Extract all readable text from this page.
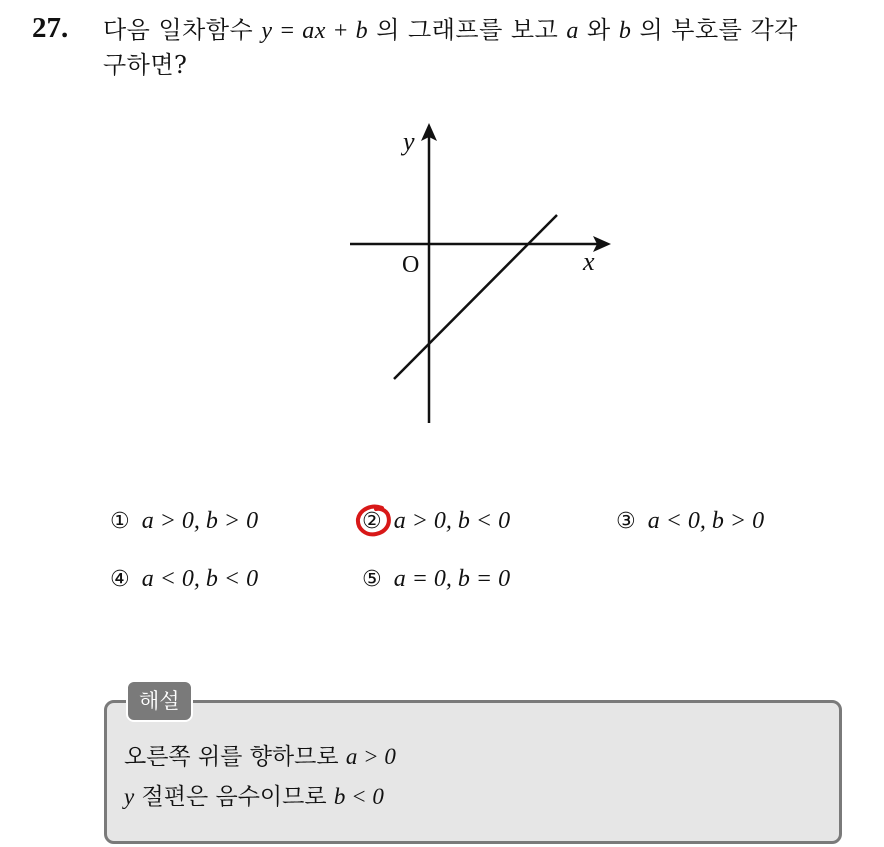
27. 다음 일차함수 y = ax + b 의 그래프를 보고 a 와 b 의 부호를 각각
구하면?
y
x
O
① a > 0, b > 0	② a > 0, b < 0	③ a < 0, b > 0
④ a < 0, b < 0	⑤ a = 0, b = 0
해설
오른쪽 위를 향하므로 a > 0
y 절편은 음수이므로 b < 0
